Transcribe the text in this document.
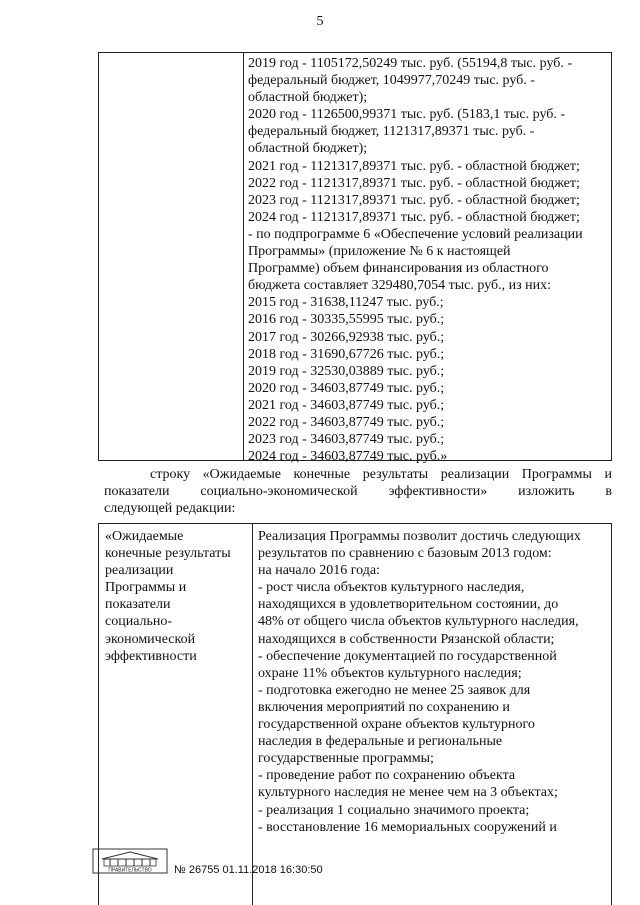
5
2019 год - 1105172,50249 тыс. руб. (55194,8 тыс. руб. -
федеральный бюджет, 1049977,70249 тыс. руб. -
областной бюджет);
2020 год - 1126500,99371 тыс. руб. (5183,1 тыс. руб. -
федеральный бюджет, 1121317,89371 тыс. руб. -
областной бюджет);
2021 год - 1121317,89371 тыс. руб. - областной бюджет;
2022 год - 1121317,89371 тыс. руб. - областной бюджет;
2023 год - 1121317,89371 тыс. руб. - областной бюджет;
2024 год - 1121317,89371 тыс. руб. - областной бюджет;
- по подпрограмме 6 «Обеспечение условий реализации
Программы» (приложение № 6 к настоящей
Программе) объем финансирования из областного
бюджета составляет 329480,7054 тыс. руб., из них:
2015 год - 31638,11247 тыс. руб.;
2016 год - 30335,55995 тыс. руб.;
2017 год - 30266,92938 тыс. руб.;
2018 год - 31690,67726 тыс. руб.;
2019 год - 32530,03889 тыс. руб.;
2020 год - 34603,87749 тыс. руб.;
2021 год - 34603,87749 тыс. руб.;
2022 год - 34603,87749 тыс. руб.;
2023 год - 34603,87749 тыс. руб.;
2024 год - 34603,87749 тыс. руб.»
строку «Ожидаемые конечные результаты реализации Программы и
показатели социально-экономической эффективности» изложить в
следующей редакции:
«Ожидаемые
конечные результаты
реализации
Программы и
показатели
социально-
экономической
эффективности
Реализация Программы позволит достичь следующих
результатов по сравнению с базовым 2013 годом:
на начало 2016 года:
- рост числа объектов культурного наследия,
находящихся в удовлетворительном состоянии, до
48% от общего числа объектов культурного наследия,
находящихся в собственности Рязанской области;
- обеспечение документацией по государственной
охране 11% объектов культурного наследия;
- подготовка ежегодно не менее 25 заявок для
включения мероприятий по сохранению и
государственной охране объектов культурного
наследия в федеральные и региональные
государственные программы;
- проведение работ по сохранению объекта
культурного наследия не менее чем на 3 объектах;
- реализация 1 социально значимого проекта;
- восстановление 16 мемориальных сооружений и
ПРАВИТЕЛЬСТВО № 26755 01.11.2018 16:30:50
